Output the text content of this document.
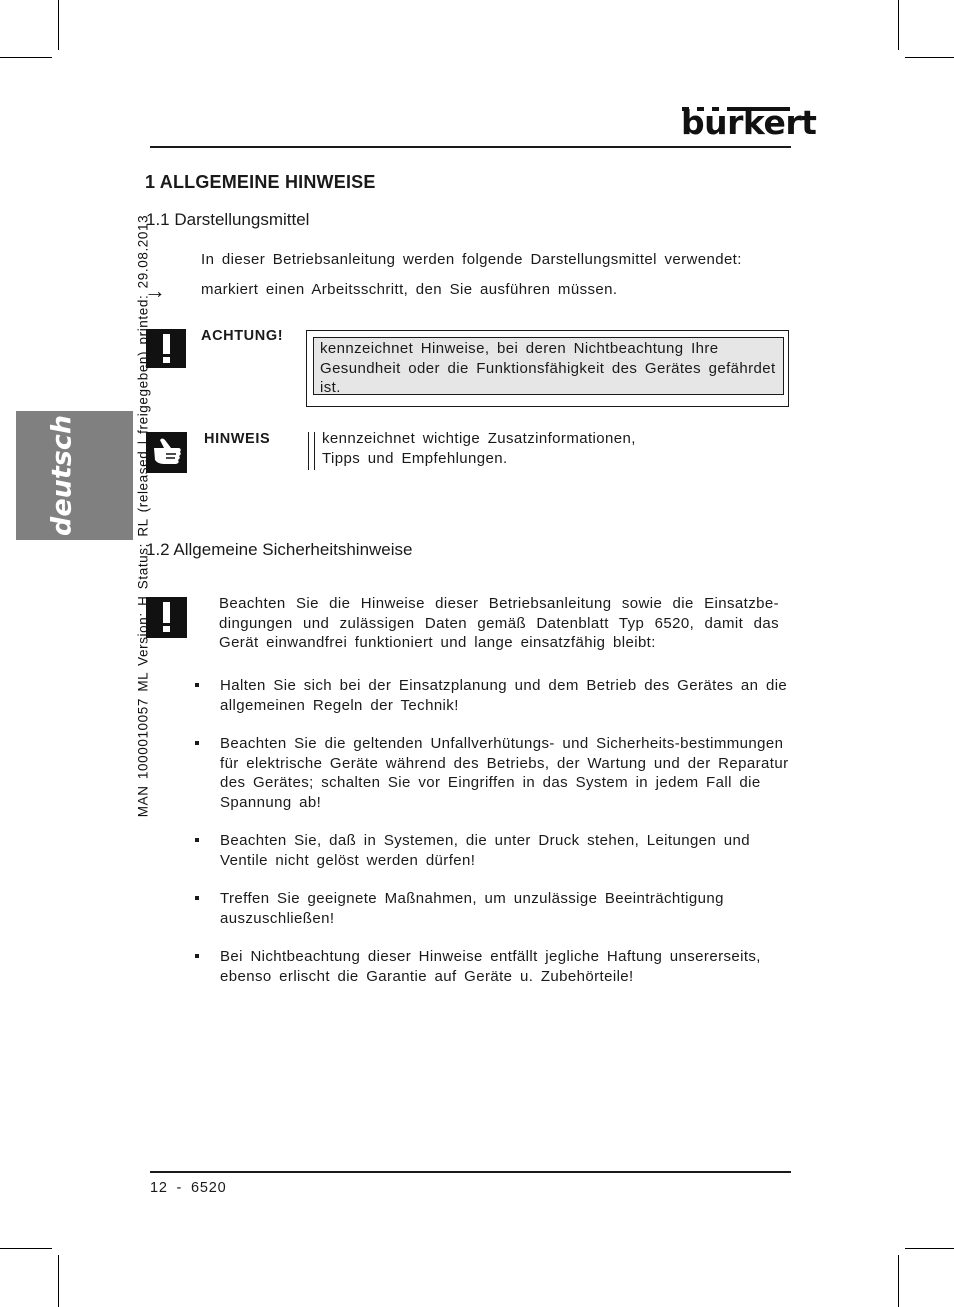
burkert
deutsch
1 ALLGEMEINE HINWEISE
1.1 Darstellungsmittel
In dieser Betriebsanleitung werden folgende Darstellungsmittel verwendet:
→ markiert einen Arbeitsschritt, den Sie ausführen müssen.
ACHTUNG!
kennzeichnet Hinweise, bei deren Nichtbeachtung Ihre Gesundheit oder die Funktionsfähigkeit des Gerätes gefährdet ist.
HINWEIS	kennzeichnet wichtige Zusatzinformationen,
Tipps und Empfehlungen.
1.2 Allgemeine Sicherheitshinweise
Beachten Sie die Hinweise dieser Betriebsanleitung sowie die Einsatzbe-dingungen und zulässigen Daten gemäß Datenblatt Typ 6520, damit das Gerät einwandfrei funktioniert und lange einsatzfähig bleibt:
Halten Sie sich bei der Einsatzplanung und dem Betrieb des Gerätes an die allgemeinen Regeln der Technik!
Beachten Sie die geltenden Unfallverhütungs- und Sicherheits-bestimmungen für elektrische Geräte während des Betriebs, der Wartung und der Reparatur des Gerätes; schalten Sie vor Eingriffen in das System in jedem Fall die Spannung ab!
Beachten Sie, daß in Systemen, die unter Druck stehen, Leitungen und Ventile nicht gelöst werden dürfen!
Treffen Sie geeignete Maßnahmen, um unzulässige Beeinträchtigung auszuschließen!
Bei Nichtbeachtung dieser Hinweise entfällt jegliche Haftung unsererseits, ebenso erlischt die Garantie auf Geräte u. Zubehörteile!
MAN 1000010057 ML Version: H Status: RL (released | freigegeben) printed: 29.08.2013
12 - 6520
